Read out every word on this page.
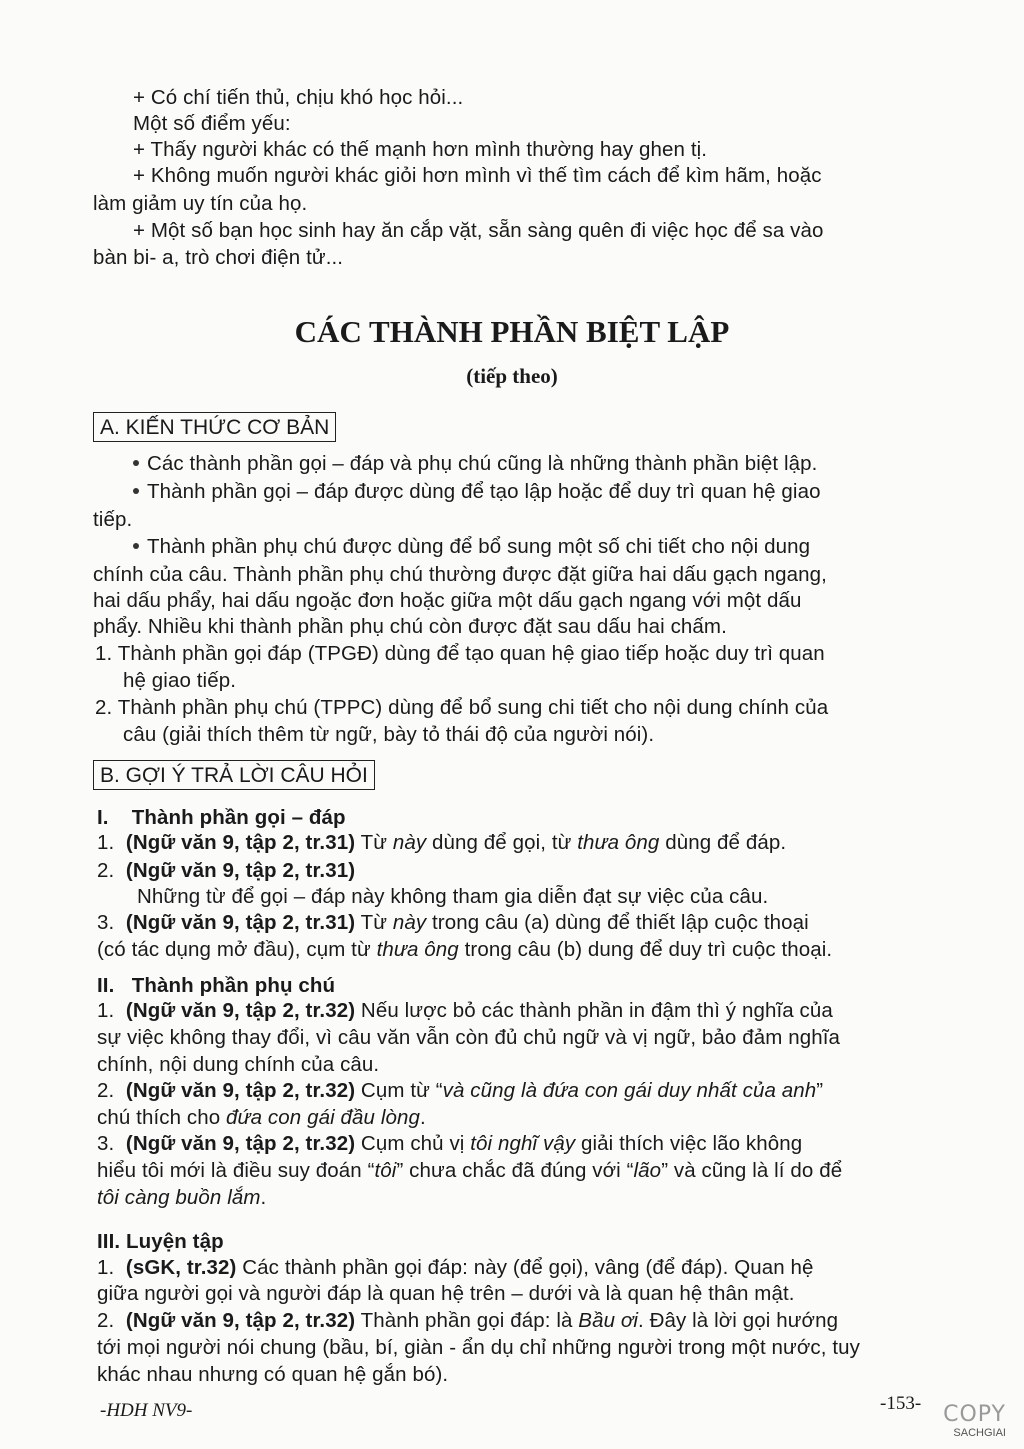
+ Có chí tiến thủ, chịu khó học hỏi...
Một số điểm yếu:
+ Thấy người khác có thế mạnh hơn mình thường hay ghen tị.
+ Không muốn người khác giỏi hơn mình vì thế tìm cách để kìm hãm, hoặc
làm giảm uy tín của họ.
+ Một số bạn học sinh hay ăn cắp vặt, sẵn sàng quên đi việc học để sa vào
bàn bi- a, trò chơi điện tử...
CÁC THÀNH PHẦN BIỆT LẬP
(tiếp theo)
A. KIẾN THỨC CƠ BẢN
Các thành phần gọi – đáp và phụ chú cũng là những thành phần biệt lập.
Thành phần gọi – đáp được dùng để tạo lập hoặc để duy trì quan hệ giao
tiếp.
Thành phần phụ chú được dùng để bổ sung một số chi tiết cho nội dung
chính của câu. Thành phần phụ chú thường được đặt giữa hai dấu gạch ngang,
hai dấu phẩy, hai dấu ngoặc đơn hoặc giữa một dấu gạch ngang với một dấu
phẩy. Nhiều khi thành phần phụ chú còn được đặt sau dấu hai chấm.
1. Thành phần gọi đáp (TPGĐ) dùng để tạo quan hệ giao tiếp hoặc duy trì quan
hệ giao tiếp.
2. Thành phần phụ chú (TPPC) dùng để bổ sung chi tiết cho nội dung chính của
câu (giải thích thêm từ ngữ, bày tỏ thái độ của người nói).
B. GỢI Ý TRẢ LỜI CÂU HỎI
I. Thành phần gọi – đáp
1. (Ngữ văn 9, tập 2, tr.31) Từ này dùng để gọi, từ thưa ông dùng để đáp.
2. (Ngữ văn 9, tập 2, tr.31)
Những từ để gọi – đáp này không tham gia diễn đạt sự việc của câu.
3. (Ngữ văn 9, tập 2, tr.31) Từ này trong câu (a) dùng để thiết lập cuộc thoại
(có tác dụng mở đầu), cụm từ thưa ông trong câu (b) dung để duy trì cuộc thoại.
II. Thành phần phụ chú
1. (Ngữ văn 9, tập 2, tr.32) Nếu lược bỏ các thành phần in đậm thì ý nghĩa của
sự việc không thay đổi, vì câu văn vẫn còn đủ chủ ngữ và vị ngữ, bảo đảm nghĩa
chính, nội dung chính của câu.
2. (Ngữ văn 9, tập 2, tr.32) Cụm từ “và cũng là đứa con gái duy nhất của anh”
chú thích cho đứa con gái đầu lòng.
3. (Ngữ văn 9, tập 2, tr.32) Cụm chủ vị tôi nghĩ vậy giải thích việc lão không
hiểu tôi mới là điều suy đoán “tôi” chưa chắc đã đúng với “lão” và cũng là lí do để
tôi càng buồn lắm.
III. Luyện tập
1. (sGK, tr.32) Các thành phần gọi đáp: này (để gọi), vâng (để đáp). Quan hệ
giữa người gọi và người đáp là quan hệ trên – dưới và là quan hệ thân mật.
2. (Ngữ văn 9, tập 2, tr.32) Thành phần gọi đáp: là Bầu ơi. Đây là lời gọi hướng
tới mọi người nói chung (bầu, bí, giàn - ẩn dụ chỉ những người trong một nước, tuy
khác nhau nhưng có quan hệ gắn bó).
-HDH NV9-	-153- COPY
SACHGIAI
